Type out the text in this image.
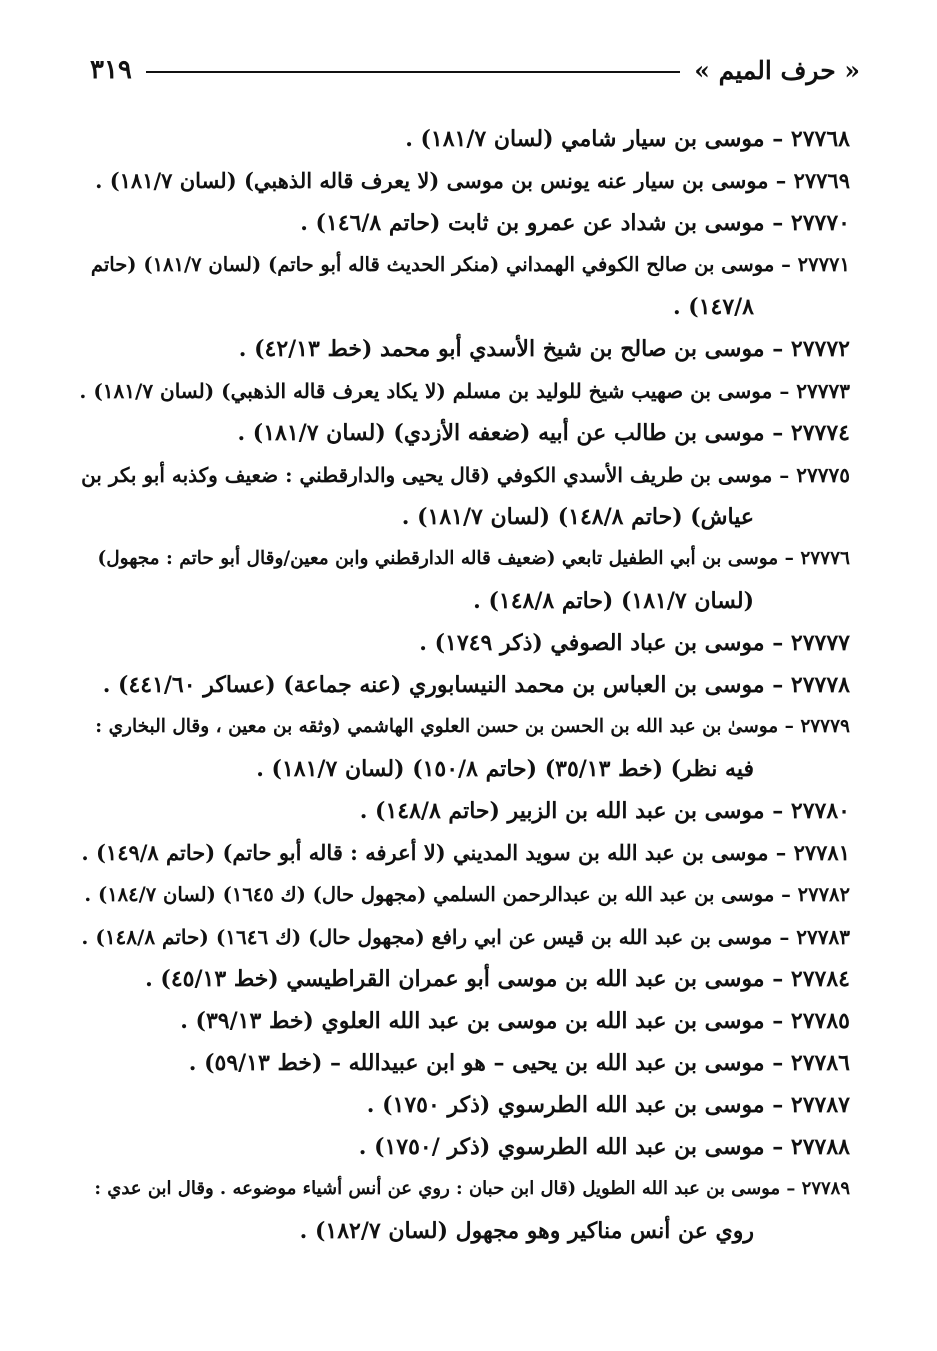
٣١٩	« حرف الميم »
٢٧٧٦٨ – موسى بن سيار شامي (لسان ١٨١/٧) .
٢٧٧٦٩ – موسى بن سيار عنه يونس بن موسى (لا يعرف قاله الذهبي) (لسان ١٨١/٧) .
٢٧٧٧٠ – موسى بن شداد عن عمرو بن ثابت (حاتم ١٤٦/٨) .
٢٧٧٧١ – موسى بن صالح الكوفي الهمداني (منكر الحديث قاله أبو حاتم) (لسان ١٨١/٧) (حاتم
١٤٧/٨) .
٢٧٧٧٢ – موسى بن صالح بن شيخ الأسدي أبو محمد (خط ٤٢/١٣) .
٢٧٧٧٣ – موسى بن صهيب شيخ للوليد بن مسلم (لا يكاد يعرف قاله الذهبي) (لسان ١٨١/٧) .
٢٧٧٧٤ – موسى بن طالب عن أبيه (ضعفه الأزدي) (لسان ١٨١/٧) .
٢٧٧٧٥ – موسى بن طريف الأسدي الكوفي (قال يحيى والدارقطني : ضعيف وكذبه أبو بكر بن
عياش) (حاتم ١٤٨/٨) (لسان ١٨١/٧) .
٢٧٧٧٦ – موسى بن أبي الطفيل تابعي (ضعيف قاله الدارقطني وابن معين/وقال أبو حاتم : مجهول)
(لسان ١٨١/٧) (حاتم ١٤٨/٨) .
٢٧٧٧٧ – موسى بن عباد الصوفي (ذكر ١٧٤٩) .
٢٧٧٧٨ – موسى بن العباس بن محمد النيسابوري (عنه جماعة) (عساكر ٤٤١/٦٠) .
٢٧٧٧٩ – موسىٰ بن عبد الله بن الحسن بن حسن العلوي الهاشمي (وثقه بن معين ، وقال البخاري :
فيه نظر) (خط ٣٥/١٣) (حاتم ١٥٠/٨) (لسان ١٨١/٧) .
٢٧٧٨٠ – موسى بن عبد الله بن الزبير (حاتم ١٤٨/٨) .
٢٧٧٨١ – موسى بن عبد الله بن سويد المديني (لا أعرفه : قاله أبو حاتم) (حاتم ١٤٩/٨) .
٢٧٧٨٢ – موسى بن عبد الله بن عبدالرحمن السلمي (مجهول حال) (ك ١٦٤٥) (لسان ١٨٤/٧) .
٢٧٧٨٣ – موسى بن عبد الله بن قيس عن ابي رافع (مجهول حال) (ك ١٦٤٦) (حاتم ١٤٨/٨) .
٢٧٧٨٤ – موسى بن عبد الله بن موسى أبو عمران القراطيسي (خط ٤٥/١٣) .
٢٧٧٨٥ – موسى بن عبد الله بن موسى بن عبد الله العلوي (خط ٣٩/١٣) .
٢٧٧٨٦ – موسى بن عبد الله بن يحيى – هو ابن عبيدالله – (خط ٥٩/١٣) .
٢٧٧٨٧ – موسى بن عبد الله الطرسوي (ذكر ١٧٥٠) .
٢٧٧٨٨ – موسى بن عبد الله الطرسوي (ذكر /١٧٥٠) .
٢٧٧٨٩ – موسى بن عبد الله الطويل (قال ابن حبان : روي عن أنس أشياء موضوعه . وقال ابن عدي :
روي عن أنس مناكير وهو مجهول (لسان ١٨٢/٧) .
